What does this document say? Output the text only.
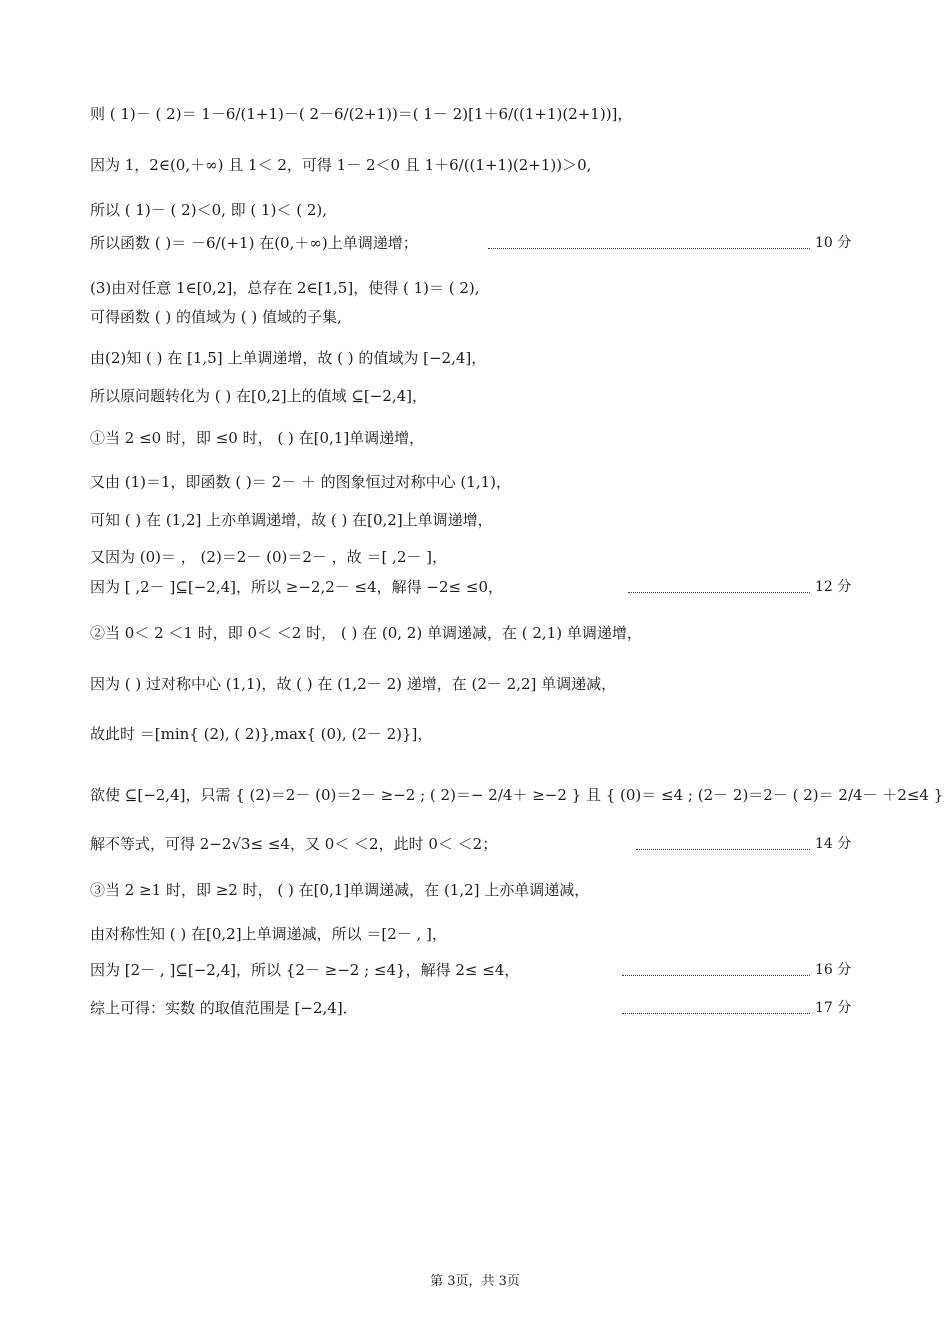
则 ( 1)－ ( 2)＝ 1－6/(1+1)－( 2－6/(2+1))＝( 1－ 2)[1＋6/((1+1)(2+1))]，
因为 1，2∈(0,＋∞) 且 1＜ 2，可得 1－ 2＜0 且 1＋6/((1+1)(2+1))＞0,
所以 ( 1)－ ( 2)＜0, 即 ( 1)＜ ( 2),
所以函数 ( )＝ －6/(+1) 在(0,＋∞)上单调递增；	10 分
(3)由对任意 1∈[0,2]，总存在 2∈[1,5]，使得 ( 1)＝ ( 2),
可得函数 ( ) 的值域为 ( ) 值域的子集,
由(2)知 ( ) 在 [1,5] 上单调递增，故 ( ) 的值域为 [−2,4]，
所以原问题转化为 ( ) 在[0,2]上的值域 ⊆[−2,4]，
①当 2 ≤0 时，即 ≤0 时， ( ) 在[0,1]单调递增，
又由 (1)＝1，即函数 ( )＝ 2－ ＋ 的图象恒过对称中心 (1,1)，
可知 ( ) 在 (1,2] 上亦单调递增，故 ( ) 在[0,2]上单调递增，
又因为 (0)＝ ， (2)＝2－ (0)＝2－ ，故 ＝[ ,2－ ]，
因为 [ ,2－ ]⊆[−2,4]，所以 ≥−2,2－ ≤4，解得 −2≤ ≤0，	12 分
②当 0＜ 2 ＜1 时，即 0＜ ＜2 时， ( ) 在 (0, 2) 单调递减，在 ( 2,1) 单调递增，
因为 ( ) 过对称中心 (1,1)，故 ( ) 在 (1,2－ 2) 递增，在 (2－ 2,2] 单调递减，
故此时 ＝[min{ (2), ( 2)},max{ (0), (2－ 2)}]，
欲使 ⊆[−2,4]，只需 { (2)＝2－ (0)＝2－ ≥−2 ; ( 2)＝− 2/4＋ ≥−2 } 且 { (0)＝ ≤4 ; (2－ 2)＝2－ ( 2)＝ 2/4－ ＋2≤4 }
解不等式，可得 2−2√3≤ ≤4，又 0＜ ＜2，此时 0＜ ＜2；	14 分
③当 2 ≥1 时，即 ≥2 时， ( ) 在[0,1]单调递减，在 (1,2] 上亦单调递减，
由对称性知 ( ) 在[0,2]上单调递减，所以 ＝[2－ , ]，
因为 [2－ , ]⊆[−2,4]，所以 {2－ ≥−2 ; ≤4}，解得 2≤ ≤4，	16 分
综上可得：实数 的取值范围是 [−2,4]．	17 分
第 3页，共 3页
